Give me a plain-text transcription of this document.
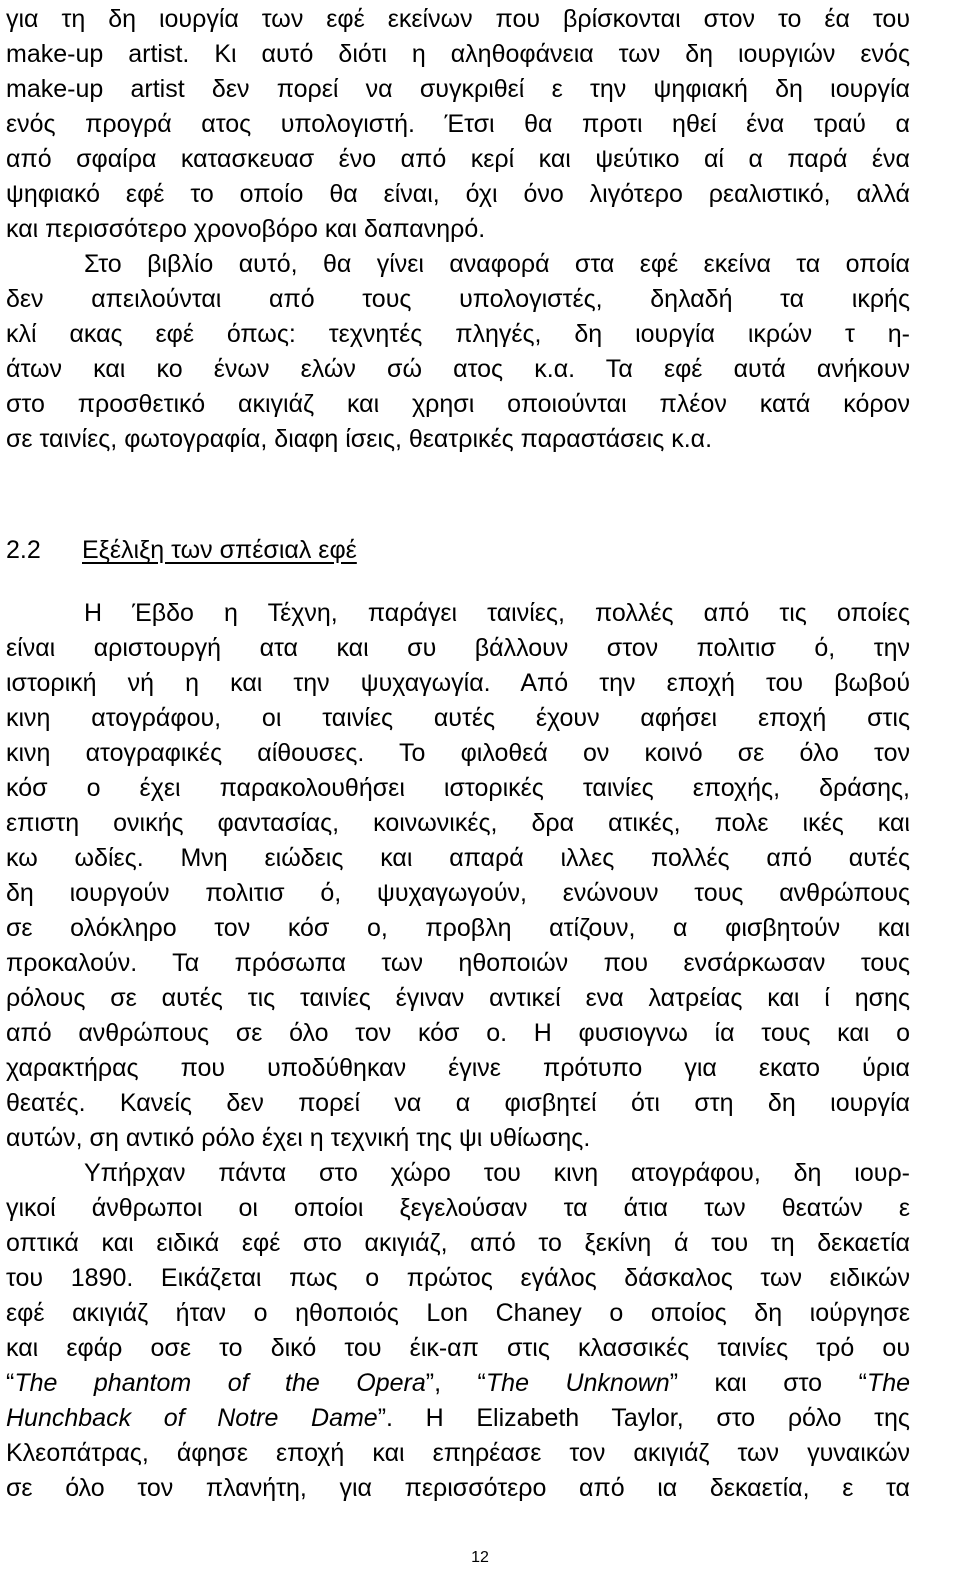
για τη δη ιουργία των εφέ εκείνων που βρίσκονται στον το έα του
make-up artist. Κι αυτό διότι η αληθοφάνεια των δη ιουργιών ενός
make-up artist δεν πορεί να συγκριθεί ε την ψηφιακή δη ιουργία
ενός προγρά ατος υπολογιστή. Έτσι θα προτι ηθεί ένα τραύ α
από σφαίρα κατασκευασ ένο από κερί και ψεύτικο αί α παρά ένα
ψηφιακό εφέ το οποίο θα είναι, όχι όνο λιγότερο ρεαλιστικό, αλλά
και περισσότερο χρονοβόρο και δαπανηρό.
Στο βιβλίο αυτό, θα γίνει αναφορά στα εφέ εκείνα τα οποία
δεν απειλούνται από τους υπολογιστές, δηλαδή τα ικρής
κλί ακας εφέ όπως: τεχνητές πληγές, δη ιουργία ικρών τ η-
άτων και κο ένων ελών σώ ατος κ.α. Τα εφέ αυτά ανήκουν
στο προσθετικό ακιγιάζ και χρησι οποιούνται πλέον κατά κόρον
σε ταινίες, φωτογραφία, διαφη ίσεις, θεατρικές παραστάσεις κ.α.
2.2 Εξέλιξη των σπέσιαλ εφέ
Η Έβδο η Τέχνη, παράγει ταινίες, πολλές από τις οποίες
είναι αριστουργή ατα και συ βάλλουν στον πολιτισ ό, την
ιστορική νή η και την ψυχαγωγία. Από την εποχή του βωβού
κινη ατογράφου, οι ταινίες αυτές έχουν αφήσει εποχή στις
κινη ατογραφικές αίθουσες. Το φιλοθεά ον κοινό σε όλο τον
κόσ ο έχει παρακολουθήσει ιστορικές ταινίες εποχής, δράσης,
επιστη ονικής φαντασίας, κοινωνικές, δρα ατικές, πολε ικές και
κω ωδίες. Μνη ειώδεις και απαρά ιλλες πολλές από αυτές
δη ιουργούν πολιτισ ό, ψυχαγωγούν, ενώνουν τους ανθρώπους
σε ολόκληρο τον κόσ ο, προβλη ατίζουν, α φισβητούν και
προκαλούν. Τα πρόσωπα των ηθοποιών που ενσάρκωσαν τους
ρόλους σε αυτές τις ταινίες έγιναν αντικεί ενα λατρείας και ί ησης
από ανθρώπους σε όλο τον κόσ ο. Η φυσιογνω ία τους και ο
χαρακτήρας που υποδύθηκαν έγινε πρότυπο για εκατο ύρια
θεατές. Κανείς δεν πορεί να α φισβητεί ότι στη δη ιουργία
αυτών, ση αντικό ρόλο έχει η τεχνική της ψι υθίωσης.
Υπήρχαν πάντα στο χώρο του κινη ατογράφου, δη ιουρ-
γικοί άνθρωποι οι οποίοι ξεγελούσαν τα άτια των θεατών ε
οπτικά και ειδικά εφέ στο ακιγιάζ, από το ξεκίνη ά του τη δεκαετία
του 1890. Εικάζεται πως ο πρώτος εγάλος δάσκαλος των ειδικών
εφέ ακιγιάζ ήταν ο ηθοποιός Lon Chaney ο οποίος δη ιούργησε
και εφάρ οσε το δικό του έικ-απ στις κλασσικές ταινίες τρό ου
“The phantom of the Opera”, “The Unknown” και στο “The
Hunchback of Notre Dame”. Η Elizabeth Taylor, στο ρόλο της
Κλεοπάτρας, άφησε εποχή και επηρέασε τον ακιγιάζ των γυναικών
σε όλο τον πλανήτη, για περισσότερο από ια δεκαετία, ε τα
12
